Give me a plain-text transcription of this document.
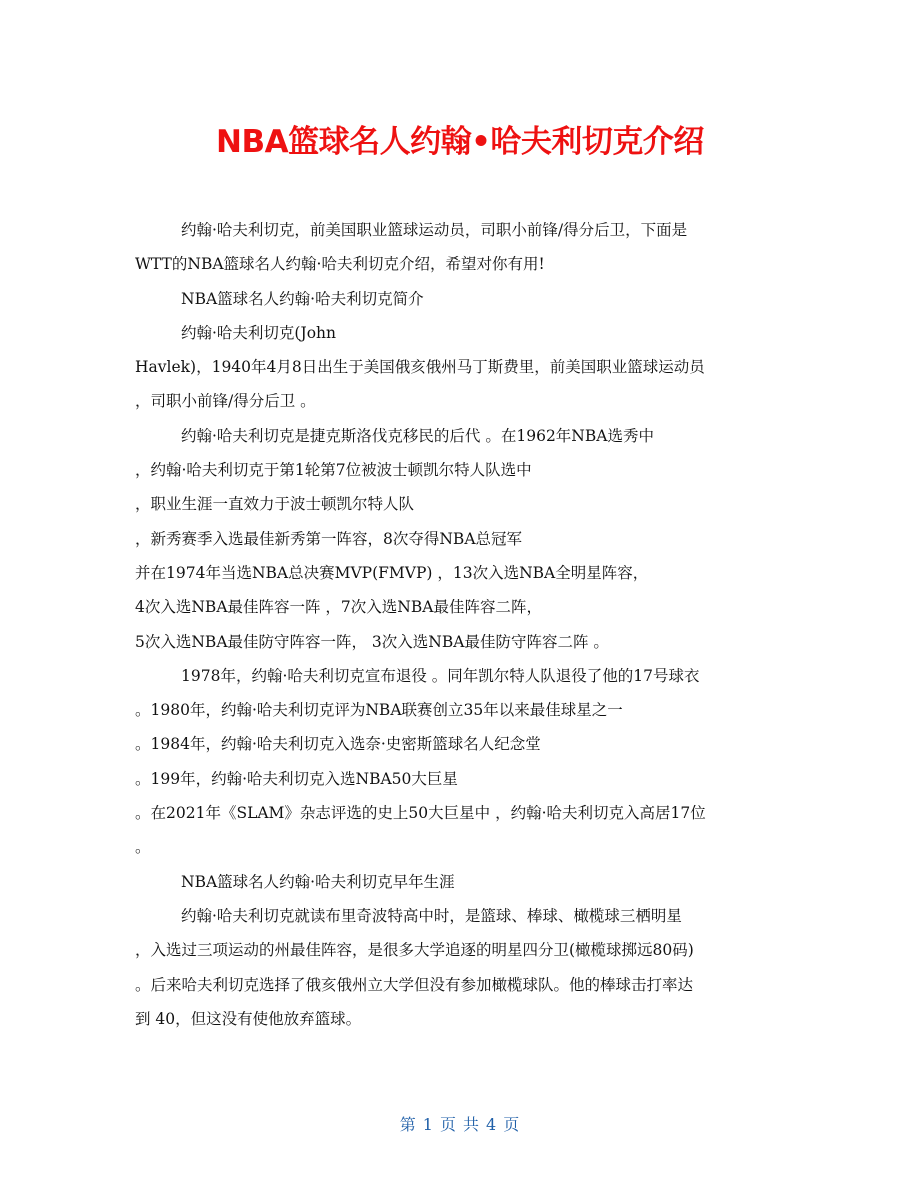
NBA篮球名人约翰•哈夫利切克介绍
约翰·哈夫利切克，前美国职业篮球运动员，司职小前锋/得分后卫，下面是
WTT的NBA篮球名人约翰·哈夫利切克介绍，希望对你有用!
NBA篮球名人约翰·哈夫利切克简介
约翰·哈夫利切克(John
Havlek)，1940年4月8日出生于美国俄亥俄州马丁斯费里，前美国职业篮球运动员
，司职小前锋/得分后卫 。
约翰·哈夫利切克是捷克斯洛伐克移民的后代 。在1962年NBA选秀中
，约翰·哈夫利切克于第1轮第7位被波士顿凯尔特人队选中
，职业生涯一直效力于波士顿凯尔特人队
，新秀赛季入选最佳新秀第一阵容，8次夺得NBA总冠军
并在1974年当选NBA总决赛MVP(FMVP) ，13次入选NBA全明星阵容，
4次入选NBA最佳阵容一阵 ，7次入选NBA最佳阵容二阵，
5次入选NBA最佳防守阵容一阵， 3次入选NBA最佳防守阵容二阵 。
1978年，约翰·哈夫利切克宣布退役 。同年凯尔特人队退役了他的17号球衣
。1980年，约翰·哈夫利切克评为NBA联赛创立35年以来最佳球星之一
。1984年，约翰·哈夫利切克入选奈·史密斯篮球名人纪念堂
。199年，约翰·哈夫利切克入选NBA50大巨星
。在2021年《SLAM》杂志评选的史上50大巨星中 ，约翰·哈夫利切克入高居17位
。
NBA篮球名人约翰·哈夫利切克早年生涯
约翰·哈夫利切克就读布里奇波特高中时，是篮球、棒球、橄榄球三栖明星
，入选过三项运动的州最佳阵容，是很多大学追逐的明星四分卫(橄榄球掷远80码)
。后来哈夫利切克选择了俄亥俄州立大学但没有参加橄榄球队。他的棒球击打率达
到 40，但这没有使他放弃篮球。
第 1 页 共 4 页
